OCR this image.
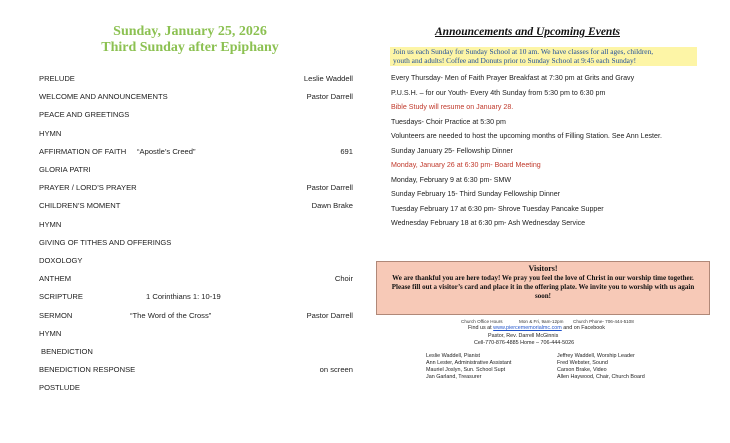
Sunday, January 25, 2026
Third Sunday after Epiphany
PRELUDE	Leslie Waddell
WELCOME AND ANNOUNCEMENTS	Pastor Darrell
PEACE AND GREETINGS
HYMN
AFFIRMATION OF FAITH “Apostle’s Creed”	691
GLORIA PATRI
PRAYER / LORD’S PRAYER	Pastor Darrell
CHILDREN’S MOMENT	Dawn Brake
HYMN
GIVING OF TITHES AND OFFERINGS
DOXOLOGY
ANTHEM	Choir
SCRIPTURE	1 Corinthians 1: 10-19
SERMON	“The Word of the Cross”	Pastor Darrell
HYMN
BENEDICTION
BENEDICTION RESPONSE	on screen
POSTLUDE
Announcements and Upcoming Events
Join us each Sunday for Sunday School at 10 am. We have classes for all ages, children,
youth and adults! Coffee and Donuts prior to Sunday School at 9:45 each Sunday!
Every Thursday- Men of Faith Prayer Breakfast at 7:30 pm at Grits and Gravy
P.U.S.H. – for our Youth- Every 4th Sunday from 5:30 pm to 6:30 pm
Bible Study will resume on January 28.
Tuesdays- Choir Practice at 5:30 pm
Volunteers are needed to host the upcoming months of Filling Station. See Ann Lester.
Sunday January 25- Fellowship Dinner
Monday, January 26 at 6:30 pm- Board Meeting
Monday, February 9 at 6:30 pm- SMW
Sunday February 15- Third Sunday Fellowship Dinner
Tuesday February 17 at 6:30 pm- Shrove Tuesday Pancake Supper
Wednesday February 18 at 6:30 pm- Ash Wednesday Service
Visitors!
We are thankful you are here today! We pray you feel the love of Christ in our worship time together. Please fill out a visitor’s card and place it in the offering plate. We invite you to worship with us again soon!
Church Office Hours	Mon & Fri, 9am-12pm Church Phone- 706-444-5108
Find us at www.piercememorialmc.com and on Facebook
Pastor, Rev. Darrell McGinnis
Cell-770-876-4885 Home – 706-444-5026
Leslie Waddell, Pianist
Ann Lester, Administrative Assistant
Mauriel Joslyn, Sun. School Supt
Jan Garland, Treasurer
Jeffrey Waddell, Worship Leader
Fred Webster, Sound
Carson Brake, Video
Allen Haywood, Chair, Church Board
